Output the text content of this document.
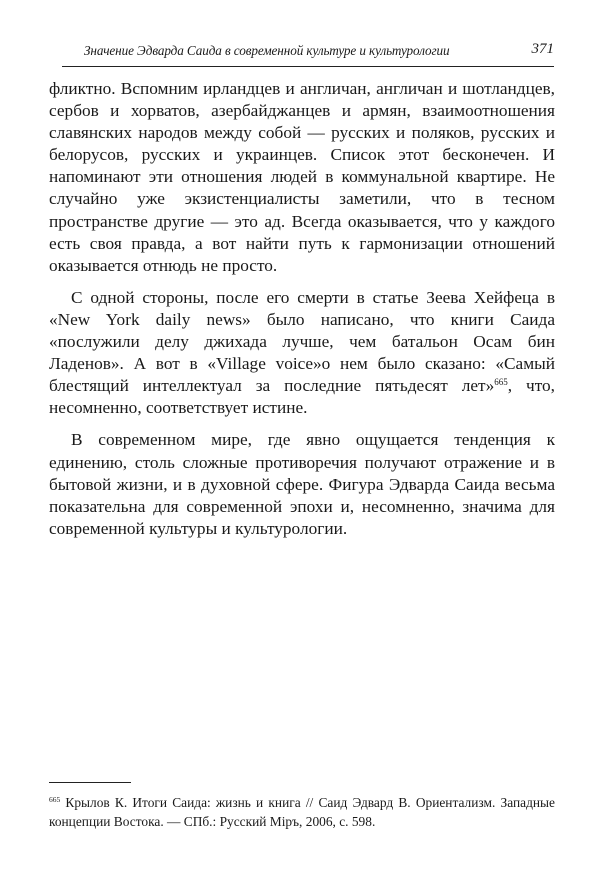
Значение Эдварда Саида в современной культуре и культурологии	371

фликтно. Вспомним ирландцев и англичан, англичан и шотландцев, сербов и хорватов, азербайджанцев и армян, взаимоотношения славянских народов между собой — русских и поляков, русских и белорусов, русских и украинцев. Список этот бесконечен. И напоминают эти отношения людей в коммунальной квартире. Не случайно уже экзистенциалисты заметили, что в тесном пространстве другие — это ад. Всегда оказывается, что у каждого есть своя правда, а вот найти путь к гармонизации отношений оказывается отнюдь не просто.

С одной стороны, после его смерти в статье Зеева Хейфеца в «New York daily news» было написано, что книги Саида «послужили делу джихада лучше, чем батальон Осам бин Ладенов». А вот в «Village voice»о нем было сказано: «Самый блестящий интеллектуал за последние пятьдесят лет»$^{665}$, что, несомненно, соответствует истине.

В современном мире, где явно ощущается тенденция к единению, столь сложные противоречия получают отражение и в бытовой жизни, и в духовной сфере. Фигура Эдварда Саида весьма показательна для современной эпохи и, несомненно, значима для современной культуры и культурологии.

$^{665}$ Крылов К. Итоги Саида: жизнь и книга // Саид Эдвард В. Ориентализм. Западные концепции Востока. — СПб.: Русский Міръ, 2006, с. 598.
